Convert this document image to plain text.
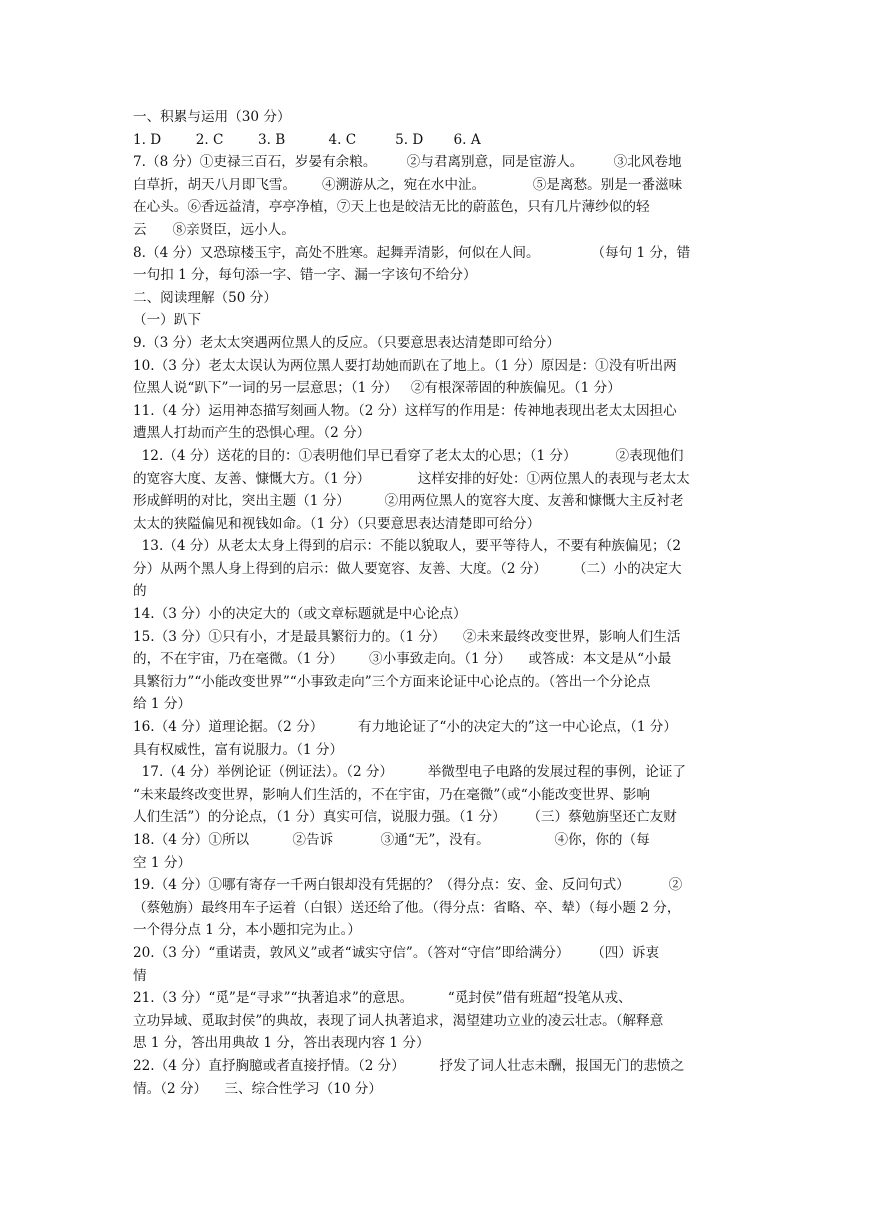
一、积累与运用（30 分）
1. D        2. C        3. B          4. C         5. D       6. A
7.（8 分）①吏禄三百石，岁晏有余粮。       ②与君离别意，同是宦游人。       ③北风卷地
白草折，胡天八月即飞雪。      ④溯游从之，宛在水中沚。           ⑤是离愁。别是一番滋味
在心头。⑥香远益清，亭亭净植，⑦天上也是皎洁无比的蔚蓝色，只有几片薄纱似的轻
云      ⑧亲贤臣，远小人。
8.（4 分）又恐琼楼玉宇，高处不胜寒。起舞弄清影，何似在人间。            （每句 1 分，错
一句扣 1 分，每句添一字、错一字、漏一字该句不给分）
二、阅读理解（50 分）
（一）趴下
9.（3 分）老太太突遇两位黑人的反应。（只要意思表达清楚即可给分）
10.（3 分）老太太误认为两位黑人要打劫她而趴在了地上。（1 分）原因是：①没有听出两
位黑人说“趴下”一词的另一层意思；（1 分）   ②有根深蒂固的种族偏见。（1 分）
11.（4 分）运用神态描写刻画人物。（2 分）这样写的作用是：传神地表现出老太太因担心
遭黑人打劫而产生的恐惧心理。（2 分）
12.（4 分）送花的目的：①表明他们早已看穿了老太太的心思；（1 分）         ②表现他们
的宽容大度、友善、慷慨大方。（1 分）           这样安排的好处：①两位黑人的表现与老太太
形成鲜明的对比，突出主题（1 分）        ②用两位黑人的宽容大度、友善和慷慨大主反衬老
太太的狭隘偏见和视钱如命。（1 分）（只要意思表达清楚即可给分）
13.（4 分）从老太太身上得到的启示：不能以貌取人，要平等待人，不要有种族偏见；（2
分）从两个黑人身上得到的启示：做人要宽容、友善、大度。（2 分）      （二）小的决定大
的
14.（3 分）小的决定大的（或文章标题就是中心论点）
15.（3 分）①只有小，才是最具繁衍力的。（1 分）    ②未来最终改变世界，影响人们生活
的，不在宇宙，乃在毫微。（1 分）      ③小事致走向。（1 分）    或答成：本文是从“小最
具繁衍力”“小能改变世界”“小事致走向”三个方面来论证中心论点的。（答出一个分论点
给 1 分）
16.（4 分）道理论据。（2 分）        有力地论证了“小的决定大的”这一中心论点，（1 分）
具有权威性，富有说服力。（1 分）
17.（4 分）举例论证（例证法）。（2 分）        举微型电子电路的发展过程的事例，论证了
“未来最终改变世界，影响人们生活的，不在宇宙，乃在毫微”（或“小能改变世界、影响
人们生活”）的分论点，（1 分）真实可信，说服力强。（1 分）     （三）蔡勉旃坚还亡友财
18.（4 分）①所以          ②告诉           ③通“无”，没有。               ④你，你的（每
空 1 分）
19.（4 分）①哪有寄存一千两白银却没有凭据的？（得分点：安、金、反问句式）         ②
（蔡勉旃）最终用车子运着（白银）送还给了他。（得分点：省略、卒、辇）（每小题 2 分，
一个得分点 1 分，本小题扣完为止。）
20.（3 分）“重诺责，敦风义”或者“诚实守信”。（答对“守信”即给满分）     （四）诉衷
情
21.（3 分）“觅”是“寻求”“执著追求”的意思。        “觅封侯”借有班超“投笔从戎、
立功异域、觅取封侯”的典故，表现了词人执著追求，渴望建功立业的凌云壮志。（解释意
思 1 分，答出用典故 1 分，答出表现内容 1 分）
22.（4 分）直抒胸臆或者直接抒情。（2 分）        抒发了词人壮志未酬，报国无门的悲愤之
情。（2 分）    三、综合性学习（10 分）
